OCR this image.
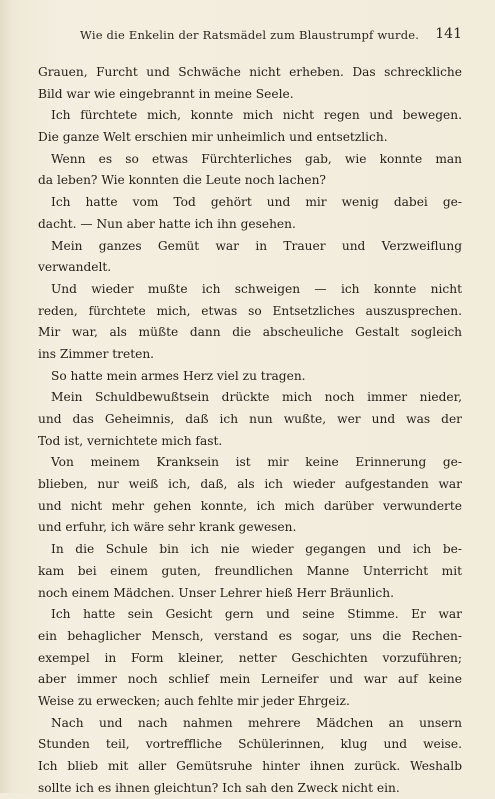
Wie die Enkelin der Ratsmädel zum Blaustrumpf wurde. 141
Grauen, Furcht und Schwäche nicht erheben. Das schreckliche
Bild war wie eingebrannt in meine Seele.
Ich fürchtete mich, konnte mich nicht regen und bewegen.
Die ganze Welt erschien mir unheimlich und entsetzlich.
Wenn es so etwas Fürchterliches gab, wie konnte man
da leben? Wie konnten die Leute noch lachen?
Ich hatte vom Tod gehört und mir wenig dabei ge-
dacht. — Nun aber hatte ich ihn gesehen.
Mein ganzes Gemüt war in Trauer und Verzweiflung
verwandelt.
Und wieder mußte ich schweigen — ich konnte nicht
reden, fürchtete mich, etwas so Entsetzliches auszusprechen.
Mir war, als müßte dann die abscheuliche Gestalt sogleich
ins Zimmer treten.
So hatte mein armes Herz viel zu tragen.
Mein Schuldbewußtsein drückte mich noch immer nieder,
und das Geheimnis, daß ich nun wußte, wer und was der
Tod ist, vernichtete mich fast.
Von meinem Kranksein ist mir keine Erinnerung ge-
blieben, nur weiß ich, daß, als ich wieder aufgestanden war
und nicht mehr gehen konnte, ich mich darüber verwunderte
und erfuhr, ich wäre sehr krank gewesen.
In die Schule bin ich nie wieder gegangen und ich be-
kam bei einem guten, freundlichen Manne Unterricht mit
noch einem Mädchen. Unser Lehrer hieß Herr Bräunlich.
Ich hatte sein Gesicht gern und seine Stimme. Er war
ein behaglicher Mensch, verstand es sogar, uns die Rechen-
exempel in Form kleiner, netter Geschichten vorzuführen;
aber immer noch schlief mein Lerneifer und war auf keine
Weise zu erwecken; auch fehlte mir jeder Ehrgeiz.
Nach und nach nahmen mehrere Mädchen an unsern
Stunden teil, vortreffliche Schülerinnen, klug und weise.
Ich blieb mit aller Gemütsruhe hinter ihnen zurück. Weshalb
sollte ich es ihnen gleichtun? Ich sah den Zweck nicht ein.
